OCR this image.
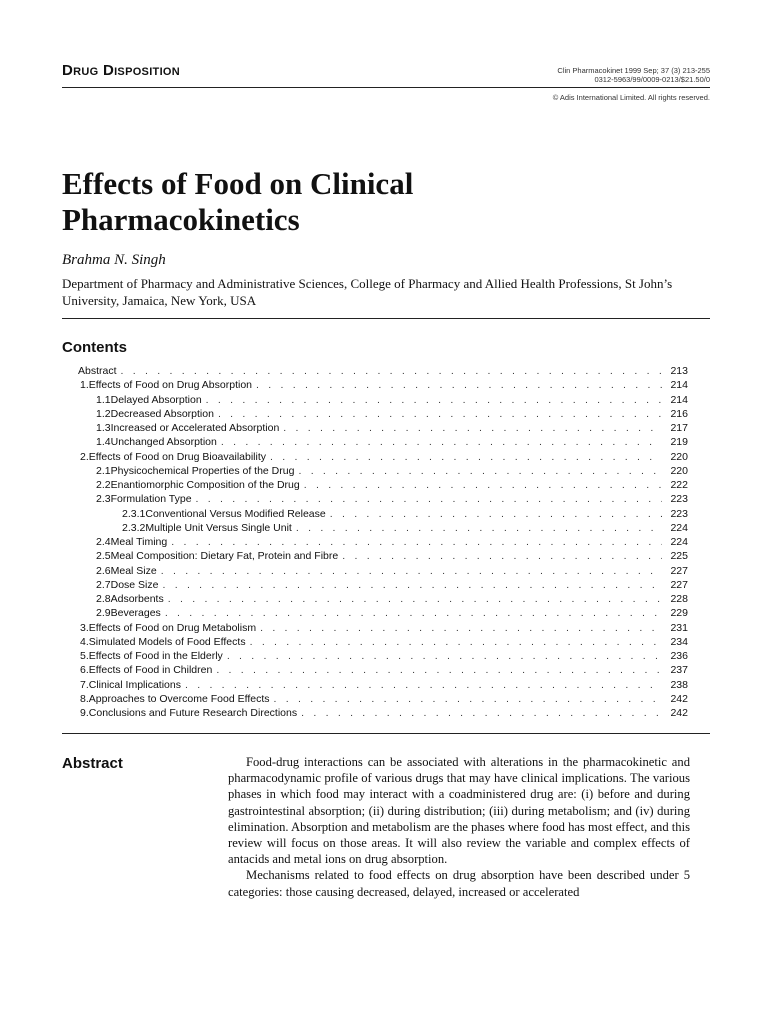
Drug Disposition	Clin Pharmacokinet 1999 Sep; 37 (3) 213-255
0312-5963/99/0009-0213/$21.50/0
© Adis International Limited. All rights reserved.
Effects of Food on Clinical Pharmacokinetics
Brahma N. Singh
Department of Pharmacy and Administrative Sciences, College of Pharmacy and Allied Health Professions, St John’s University, Jamaica, New York, USA
Contents
Abstract . . .	213
1. Effects of Food on Drug Absorption . . .	214
1.1 Delayed Absorption . . .	214
1.2 Decreased Absorption . . .	216
1.3 Increased or Accelerated Absorption . . .	217
1.4 Unchanged Absorption . . .	219
2. Effects of Food on Drug Bioavailability . . .	220
2.1 Physicochemical Properties of the Drug . . .	220
2.2 Enantiomorphic Composition of the Drug . . .	222
2.3 Formulation Type . . .	223
2.3.1 Conventional Versus Modified Release . . .	223
2.3.2 Multiple Unit Versus Single Unit . . .	224
2.4 Meal Timing . . .	224
2.5 Meal Composition: Dietary Fat, Protein and Fibre . . .	225
2.6 Meal Size . . .	227
2.7 Dose Size . . .	227
2.8 Adsorbents . . .	228
2.9 Beverages . . .	229
3. Effects of Food on Drug Metabolism . . .	231
4. Simulated Models of Food Effects . . .	234
5. Effects of Food in the Elderly . . .	236
6. Effects of Food in Children . . .	237
7. Clinical Implications . . .	238
8. Approaches to Overcome Food Effects . . .	242
9. Conclusions and Future Research Directions . . .	242
Abstract	Food-drug interactions can be associated with alterations in the pharmacokinetic and pharmacodynamic profile of various drugs that may have clinical implications. The various phases in which food may interact with a coadministered drug are: (i) before and during gastrointestinal absorption; (ii) during distribution; (iii) during metabolism; and (iv) during elimination. Absorption and metabolism are the phases where food has most effect, and this review will focus on those areas. It will also review the variable and complex effects of antacids and metal ions on drug absorption.

Mechanisms related to food effects on drug absorption have been described under 5 categories: those causing decreased, delayed, increased or accelerated
